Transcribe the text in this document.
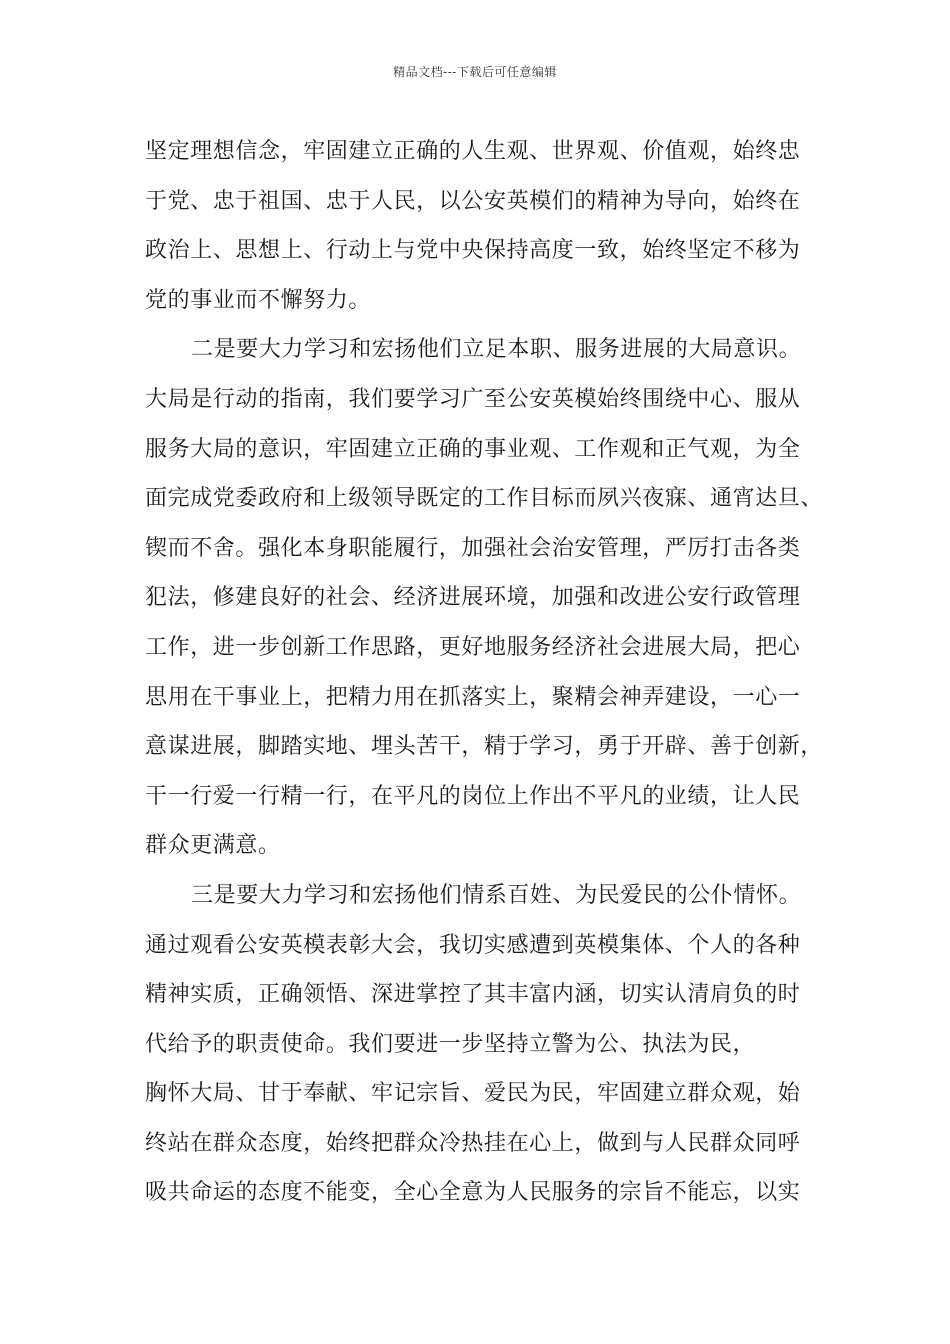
精品文档---下载后可任意编辑
坚定理想信念，牢固建立正确的人生观、世界观、价值观，始终忠
于党、忠于祖国、忠于人民，以公安英模们的精神为导向，始终在
政治上、思想上、行动上与党中央保持高度一致，始终坚定不移为
党的事业而不懈努力。
二是要大力学习和宏扬他们立足本职、服务进展的大局意识。
大局是行动的指南，我们要学习广至公安英模始终围绕中心、服从
服务大局的意识，牢固建立正确的事业观、工作观和正气观，为全
面完成党委政府和上级领导既定的工作目标而夙兴夜寐、通宵达旦、
锲而不舍。强化本身职能履行，加强社会治安管理，严厉打击各类
犯法，修建良好的社会、经济进展环境，加强和改进公安行政管理
工作，进一步创新工作思路，更好地服务经济社会进展大局，把心
思用在干事业上，把精力用在抓落实上，聚精会神弄建设，一心一
意谋进展，脚踏实地、埋头苦干，精于学习，勇于开辟、善于创新，
干一行爱一行精一行，在平凡的岗位上作出不平凡的业绩，让人民
群众更满意。
三是要大力学习和宏扬他们情系百姓、为民爱民的公仆情怀。
通过观看公安英模表彰大会，我切实感遭到英模集体、个人的各种
精神实质，正确领悟、深进掌控了其丰富内涵，切实认清肩负的时
代给予的职责使命。我们要进一步坚持立警为公、执法为民，
胸怀大局、甘于奉献、牢记宗旨、爱民为民，牢固建立群众观，始
终站在群众态度，始终把群众冷热挂在心上，做到与人民群众同呼
吸共命运的态度不能变，全心全意为人民服务的宗旨不能忘，以实
